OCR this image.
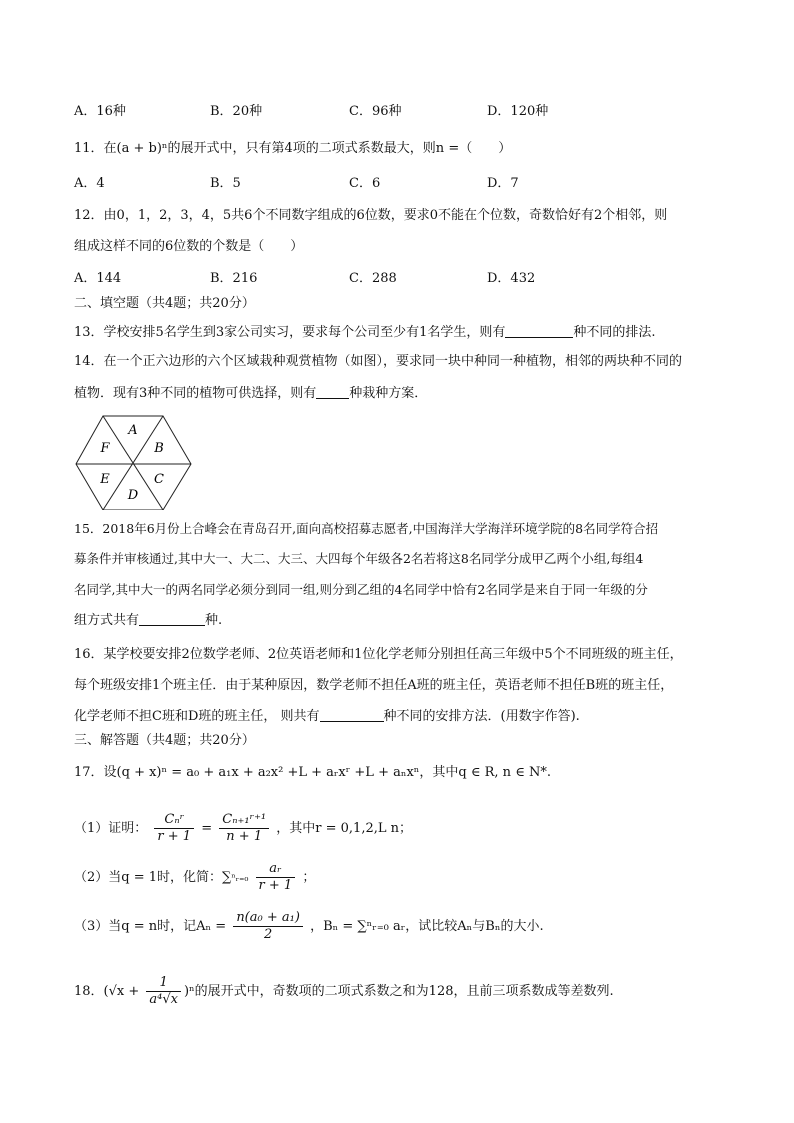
A．16种	B．20种	C．96种	D．120种
11．在(a + b)ⁿ的展开式中，只有第4项的二项式系数最大，则n =（　　）
A．4	B．5	C．6	D．7
12．由0，1，2，3，4，5共6个不同数字组成的6位数，要求0不能在个位数，奇数恰好有2个相邻，则
组成这样不同的6位数的个数是（　　）
A．144	B．216	C．288	D．432
二、填空题（共4题；共20分）
13．学校安排5名学生到3家公司实习，要求每个公司至少有1名学生，则有	种不同的排法.
14．在一个正六边形的六个区域栽种观赏植物（如图），要求同一块中种同一种植物，相邻的两块种不同的
植物．现有3种不同的植物可供选择，则有	种栽种方案．
A
B
C
D
E
F
15．2018年6月份上合峰会在青岛召开,面向高校招募志愿者,中国海洋大学海洋环境学院的8名同学符合招
募条件并审核通过,其中大一、大二、大三、大四每个年级各2名若将这8名同学分成甲乙两个小组,每组4
名同学,其中大一的两名同学必须分到同一组,则分到乙组的4名同学中恰有2名同学是来自于同一年级的分
组方式共有	种.
16．某学校要安排2位数学老师、2位英语老师和1位化学老师分别担任高三年级中5个不同班级的班主任，
每个班级安排1个班主任．由于某种原因，数学老师不担任A班的班主任，英语老师不担任B班的班主任，
化学老师不担C班和D班的班主任， 则共有	种不同的安排方法．(用数字作答).
三、解答题（共4题；共20分）
17．设(q + x)ⁿ = a₀ + a₁x + a₂x² +L + aᵣxʳ +L + aₙxⁿ，其中q ∈ R, n ∈ N*.
（1）证明： $\frac{\text{Cₙʳ}}{r + 1} = \frac{\text{Cₙ₊₁ʳ⁺¹}}{n + 1}$ ，其中r = 0,1,2,L n；
（2）当q = 1时，化简：∑ⁿᵣ₌₀ $\frac{\text{aᵣ}}{r + 1}$ ；
（3）当q = n时，记$A_n = \frac{\text{n(a₀ + a₁)}}{2}$ ，Bₙ = ∑ⁿᵣ₌₀ aᵣ，试比较Aₙ与Bₙ的大小.
18．$(√x + \frac{1}{\text{a⁴√x}} )^n$的展开式中，奇数项的二项式系数之和为128，且前三项系数成等差数列.
